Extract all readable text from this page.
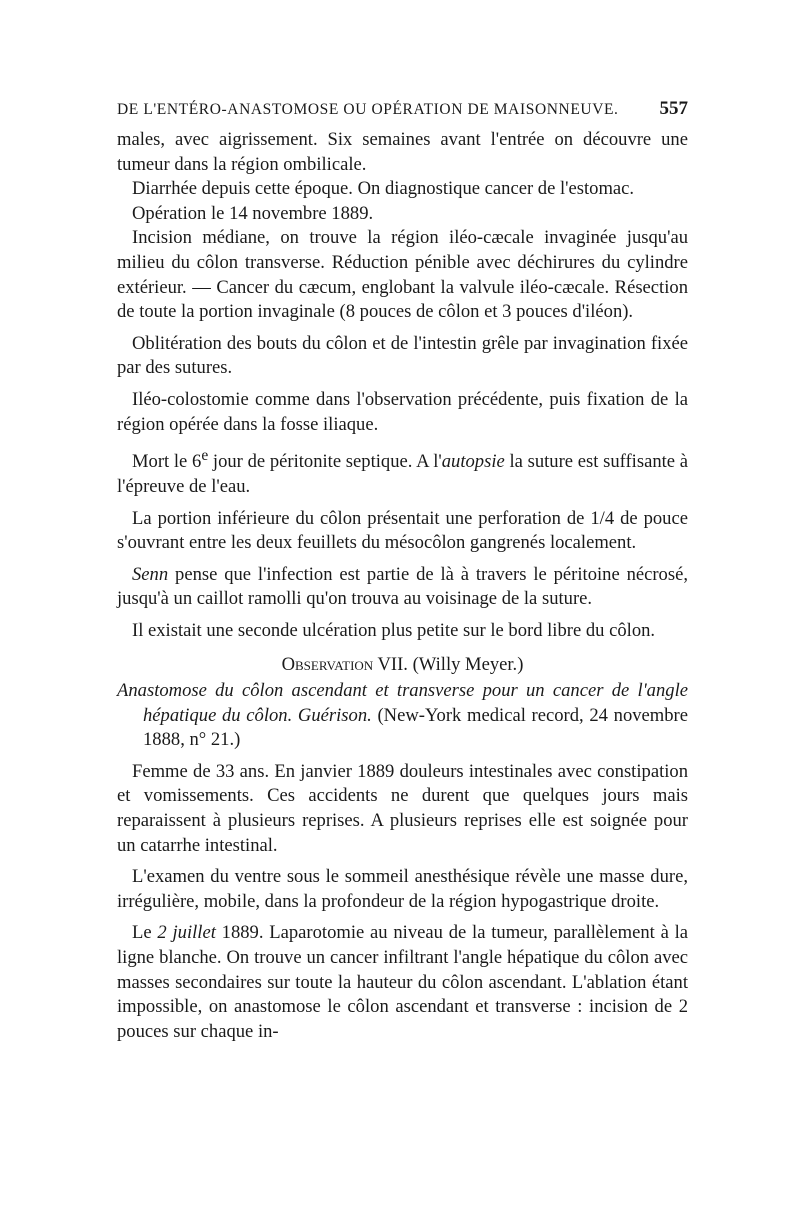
DE L'ENTÉRO-ANASTOMOSE OU OPÉRATION DE MAISONNEUVE. 557

males, avec aigrissement. Six semaines avant l'entrée on découvre une tumeur dans la région ombilicale.

Diarrhée depuis cette époque. On diagnostique cancer de l'estomac.

Opération le 14 novembre 1889.

Incision médiane, on trouve la région iléo-cæcale invaginée jusqu'au milieu du côlon transverse. Réduction pénible avec déchirures du cylindre extérieur. — Cancer du cæcum, englobant la valvule iléo-cæcale. Résection de toute la portion invaginale (8 pouces de côlon et 3 pouces d'iléon).

Oblitération des bouts du côlon et de l'intestin grêle par invagination fixée par des sutures.

Iléo-colostomie comme dans l'observation précédente, puis fixation de la région opérée dans la fosse iliaque.

Mort le 6e jour de péritonite septique. A l'autopsie la suture est suffisante à l'épreuve de l'eau.

La portion inférieure du côlon présentait une perforation de 1/4 de pouce s'ouvrant entre les deux feuillets du mésocôlon gangrenés localement.

Senn pense que l'infection est partie de là à travers le péritoine nécrosé, jusqu'à un caillot ramolli qu'on trouva au voisinage de la suture.

Il existait une seconde ulcération plus petite sur le bord libre du côlon.

Observation VII. (Willy Meyer.)

Anastomose du côlon ascendant et transverse pour un cancer de l'angle hépatique du côlon. Guérison. (New-York medical record, 24 novembre 1888, n° 21.)

Femme de 33 ans. En janvier 1889 douleurs intestinales avec constipation et vomissements. Ces accidents ne durent que quelques jours mais reparaissent à plusieurs reprises. A plusieurs reprises elle est soignée pour un catarrhe intestinal.

L'examen du ventre sous le sommeil anesthésique révèle une masse dure, irrégulière, mobile, dans la profondeur de la région hypogastrique droite.

Le 2 juillet 1889. Laparotomie au niveau de la tumeur, parallèlement à la ligne blanche. On trouve un cancer infiltrant l'angle hépatique du côlon avec masses secondaires sur toute la hauteur du côlon ascendant. L'ablation étant impossible, on anastomose le côlon ascendant et transverse : incision de 2 pouces sur chaque in-
